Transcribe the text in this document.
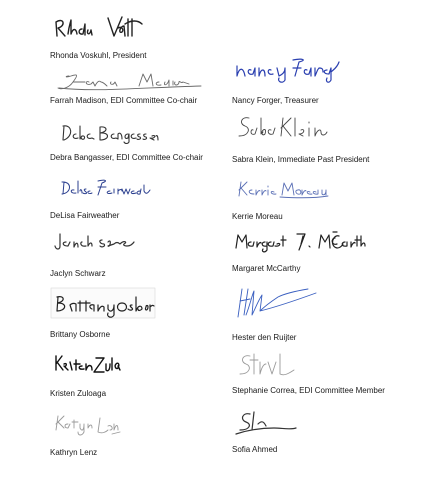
Rhonda Voskuhl, President
Farrah Madison, EDI Committee Co-chair
Debra Bangasser, EDI Committee Co-chair
DeLisa Fairweather
Jaclyn Schwarz
Brittany Osborne
Kristen Zuloaga
Kathryn Lenz
Nancy Forger, Treasurer
Sabra Klein, Immediate Past President
Kerrie Moreau
Margaret McCarthy
Hester den Ruijter
Stephanie Correa, EDI Committee Member
Sofia Ahmed
